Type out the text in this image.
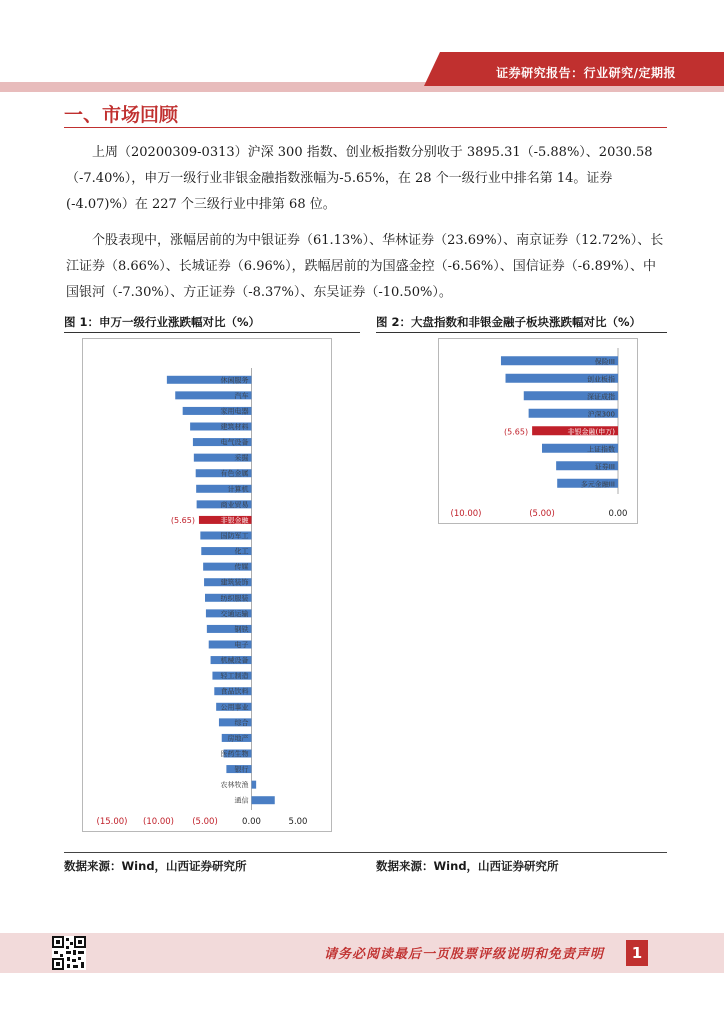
证券研究报告：行业研究/定期报
一、市场回顾

上周（20200309-0313）沪深 300 指数、创业板指数分别收于 3895.31（-5.88%）、2030.58（-7.40%），申万一级行业非银金融指数涨幅为-5.65%，在 28 个一级行业中排名第 14。证券(-4.07)%）在 227 个三级行业中排第 68 位。

个股表现中，涨幅居前的为中银证券（61.13%）、华林证券（23.69%）、南京证券（12.72%）、长江证券（8.66%）、长城证券（6.96%），跌幅居前的为国盛金控（-6.56%）、国信证券（-6.89%）、中国银河（-7.30%）、方正证券（-8.37%）、东吴证券（-10.50%）。

图 1：申万一级行业涨跌幅对比（%）	图 2：大盘指数和非银金融子板块涨跌幅对比（%）
休闲服务
汽车
家用电器
建筑材料
电气设备
采掘
有色金属
计算机
商业贸易
非银金融
(5.65)
国防军工
化工
传媒
建筑装饰
纺织服装
交通运输
钢铁
电子
机械设备
轻工制造
食品饮料
公用事业
综合
房地产
医药生物
银行
农林牧渔
通信
(15.00) (10.00) (5.00)	0.00	5.00
保险III
创业板指
深证成指
沪深300
非银金融(申万)
(5.65)
上证指数
证券III
多元金融III
(10.00)	(5.00)	0.00
数据来源：Wind，山西证券研究所	数据来源：Wind，山西证券研究所
请务必阅读最后一页股票评级说明和免责声明	1
